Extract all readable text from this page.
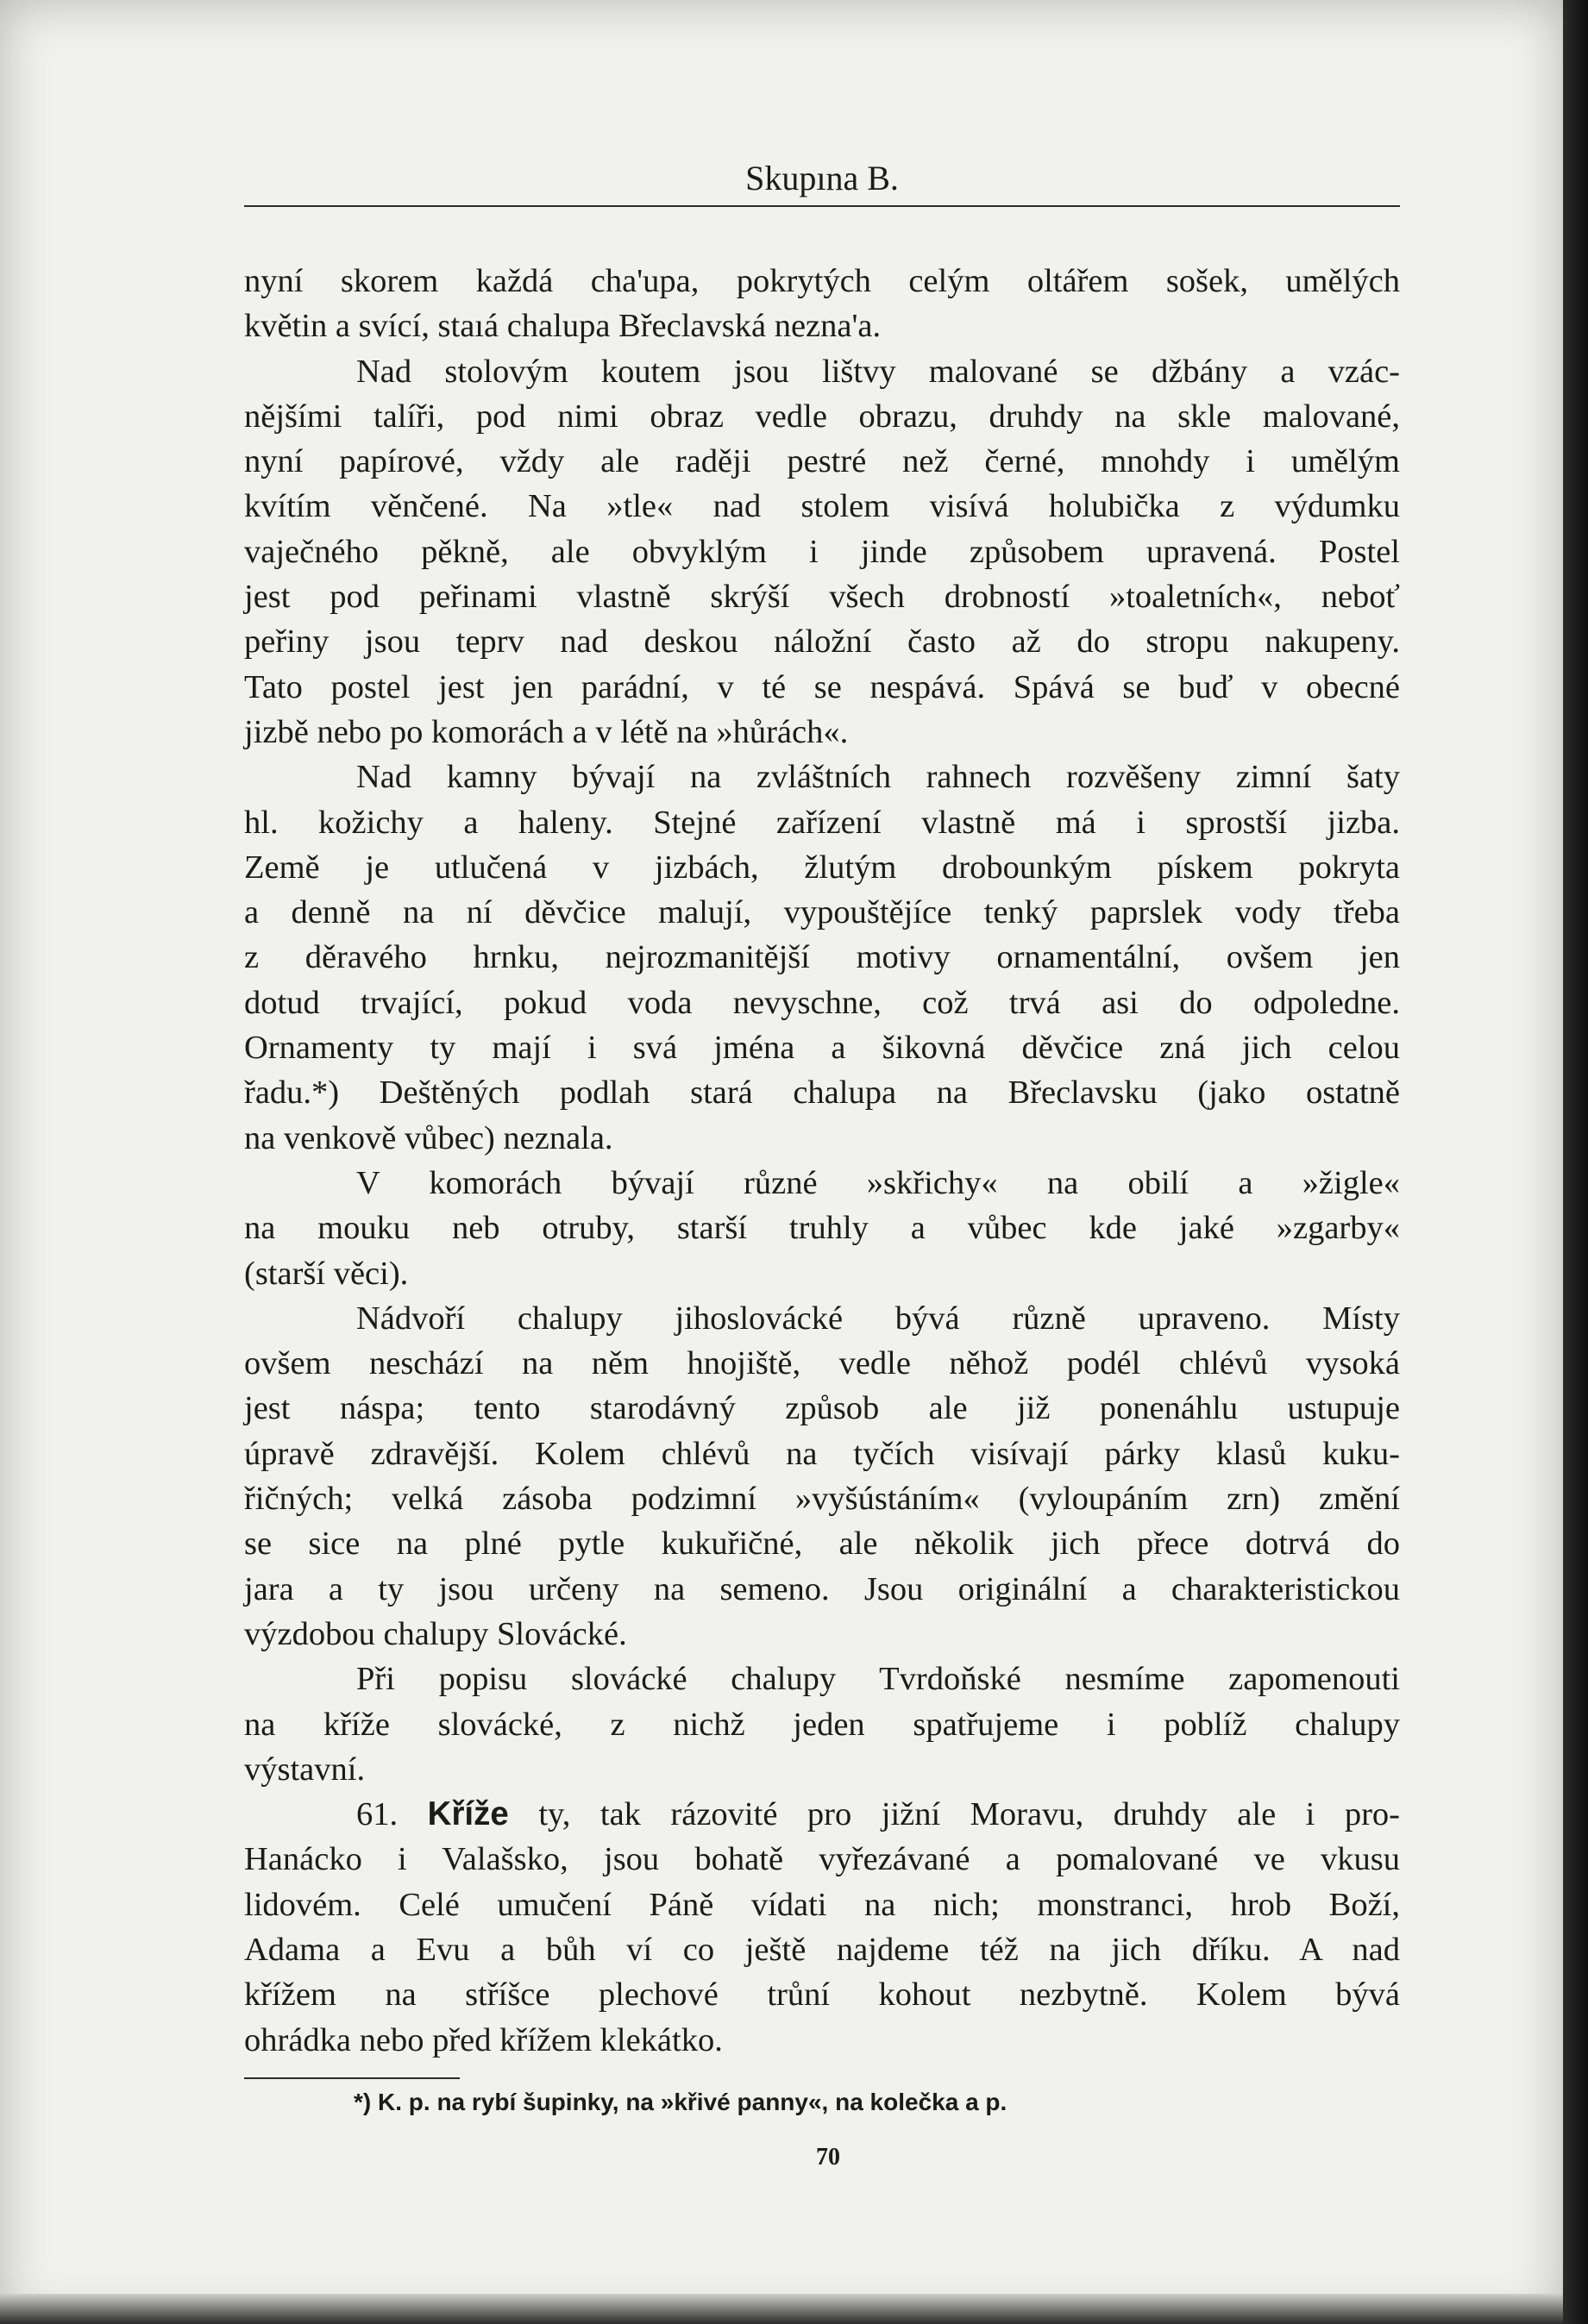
Skupına B.
nyní skorem každá cha'upa, pokrytých celým oltářem sošek, umělých
květin a svící, staıá chalupa Břeclavská nezna'a.
Nad stolovým koutem jsou lištvy malované se džbány a vzác-
nějšími talíři, pod nimi obraz vedle obrazu, druhdy na skle malované,
nyní papírové, vždy ale raději pestré než černé, mnohdy i umělým
kvítím věnčené. Na »tle« nad stolem visívá holubička z výdumku
vaječného pěkně, ale obvyklým i jinde způsobem upravená. Postel
jest pod peřinami vlastně skrýší všech drobností »toaletních«, neboť
peřiny jsou teprv nad deskou náložní často až do stropu nakupeny.
Tato postel jest jen parádní, v té se nespává. Spává se buď v obecné
jizbě nebo po komorách a v létě na »hůrách«.
Nad kamny bývají na zvláštních rahnech rozvěšeny zimní šaty
hl. kožichy a haleny. Stejné zařízení vlastně má i sprostší jizba.
Země je utlučená v jizbách, žlutým drobounkým pískem pokryta
a denně na ní děvčice malují, vypouštějíce tenký paprslek vody třeba
z děravého hrnku, nejrozmanitější motivy ornamentální, ovšem jen
dotud trvající, pokud voda nevyschne, což trvá asi do odpoledne.
Ornamenty ty mají i svá jména a šikovná děvčice zná jich celou
řadu.*) Deštěných podlah stará chalupa na Břeclavsku (jako ostatně
na venkově vůbec) neznala.
V komorách bývají různé »skřichy« na obilí a »žigle«
na mouku neb otruby, starší truhly a vůbec kde jaké »zgarby«
(starší věci).
Nádvoří chalupy jihoslovácké bývá různě upraveno. Místy
ovšem neschází na něm hnojiště, vedle něhož podél chlévů vysoká
jest náspa; tento starodávný způsob ale již ponenáhlu ustupuje
úpravě zdravější. Kolem chlévů na tyčích visívají párky klasů kuku-
řičných; velká zásoba podzimní »vyšústáním« (vyloupáním zrn) změní
se sice na plné pytle kukuřičné, ale několik jich přece dotrvá do
jara a ty jsou určeny na semeno. Jsou originální a charakteristickou
výzdobou chalupy Slovácké.
Při popisu slovácké chalupy Tvrdoňské nesmíme zapomenouti
na kříže slovácké, z nichž jeden spatřujeme i poblíž chalupy
výstavní.
61. Kříže ty, tak rázovité pro jižní Moravu, druhdy ale i pro-
Hanácko i Valašsko, jsou bohatě vyřezávané a pomalované ve vkusu
lidovém. Celé umučení Páně vídati na nich; monstranci, hrob Boží,
Adama a Evu a bůh ví co ještě najdeme též na jich dříku. A nad
křížem na stříšce plechové trůní kohout nezbytně. Kolem bývá
ohrádka nebo před křížem klekátko.
*) K. p. na rybí šupinky, na »křivé panny«, na kolečka a p.
70
